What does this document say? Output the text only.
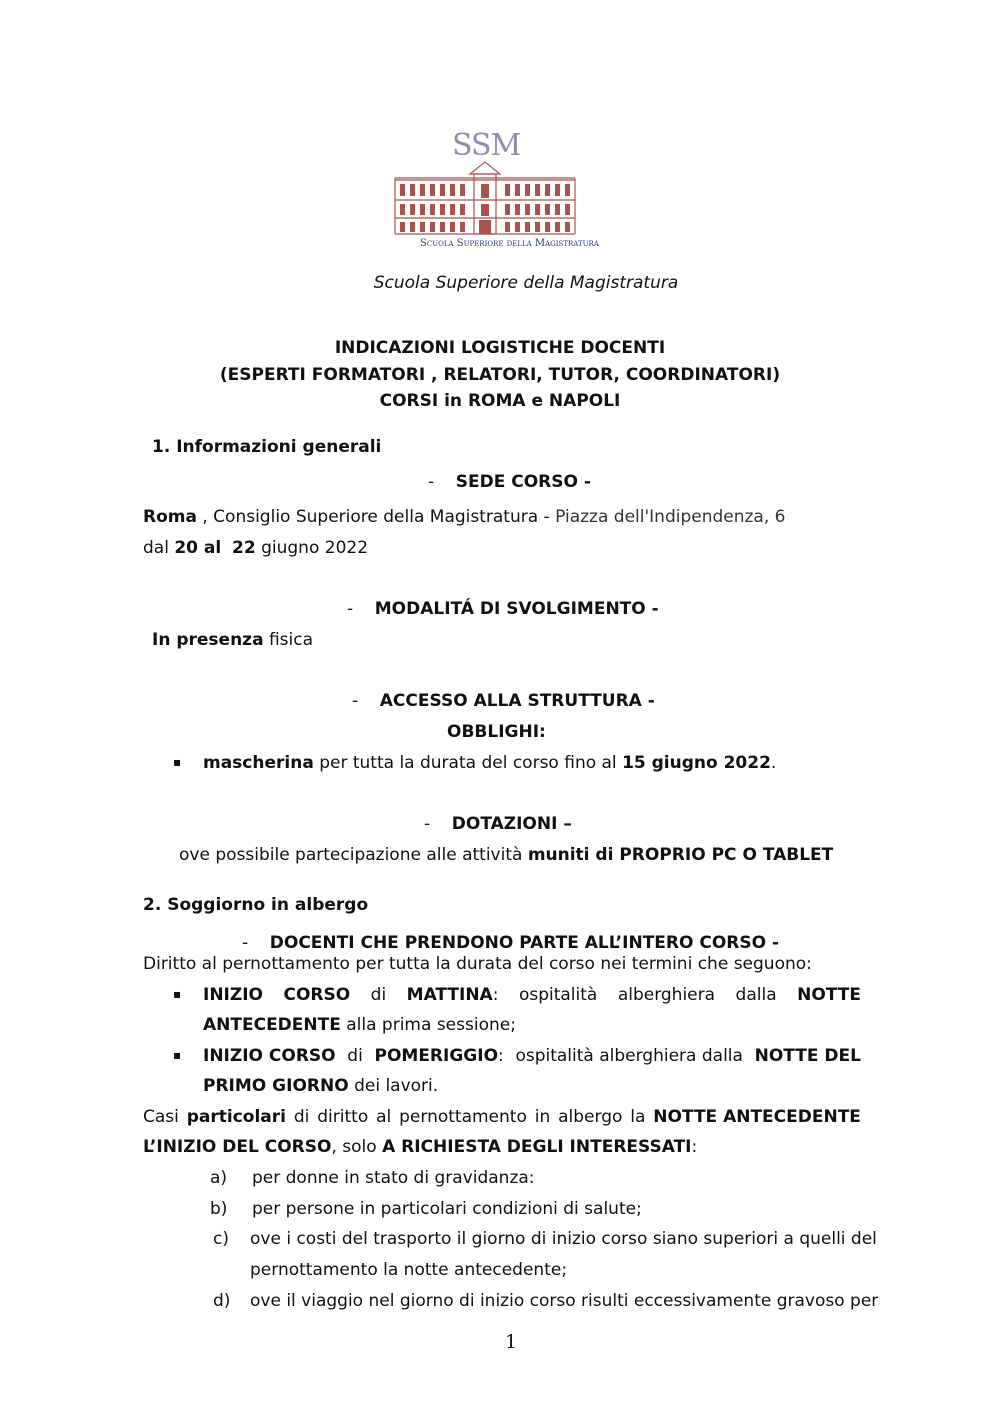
SSM
Scuola Superiore della Magistratura
Scuola Superiore della Magistratura
INDICAZIONI LOGISTICHE DOCENTI
(ESPERTI FORMATORI , RELATORI, TUTOR, COORDINATORI)
CORSI in ROMA e NAPOLI
1. Informazioni generali
-    SEDE CORSO -
Roma , Consiglio Superiore della Magistratura - Piazza dell'Indipendenza, 6
dal 20 al 22 giugno 2022
-    MODALITÁ DI SVOLGIMENTO -
In presenza fisica
-    ACCESSO ALLA STRUTTURA -
OBBLIGHI:
▪ mascherina per tutta la durata del corso fino al 15 giugno 2022.
-    DOTAZIONI –
ove possibile partecipazione alle attività muniti di PROPRIO PC O TABLET
2. Soggiorno in albergo
-    DOCENTI CHE PRENDONO PARTE ALL’INTERO CORSO -
Diritto al pernottamento per tutta la durata del corso nei termini che seguono:
▪ INIZIO CORSO di MATTINA: ospitalità alberghiera dalla NOTTE
ANTECEDENTE alla prima sessione;
▪ INIZIO CORSO di POMERIGGIO: ospitalità alberghiera dalla NOTTE DEL
PRIMO GIORNO dei lavori.
Casi particolari di diritto al pernottamento in albergo la NOTTE ANTECEDENTE
L’INIZIO DEL CORSO, solo A RICHIESTA DEGLI INTERESSATI:
a) per donne in stato di gravidanza:
b) per persone in particolari condizioni di salute;
c) ove i costi del trasporto il giorno di inizio corso siano superiori a quelli del
pernottamento la notte antecedente;
d) ove il viaggio nel giorno di inizio corso risulti eccessivamente gravoso per
1
